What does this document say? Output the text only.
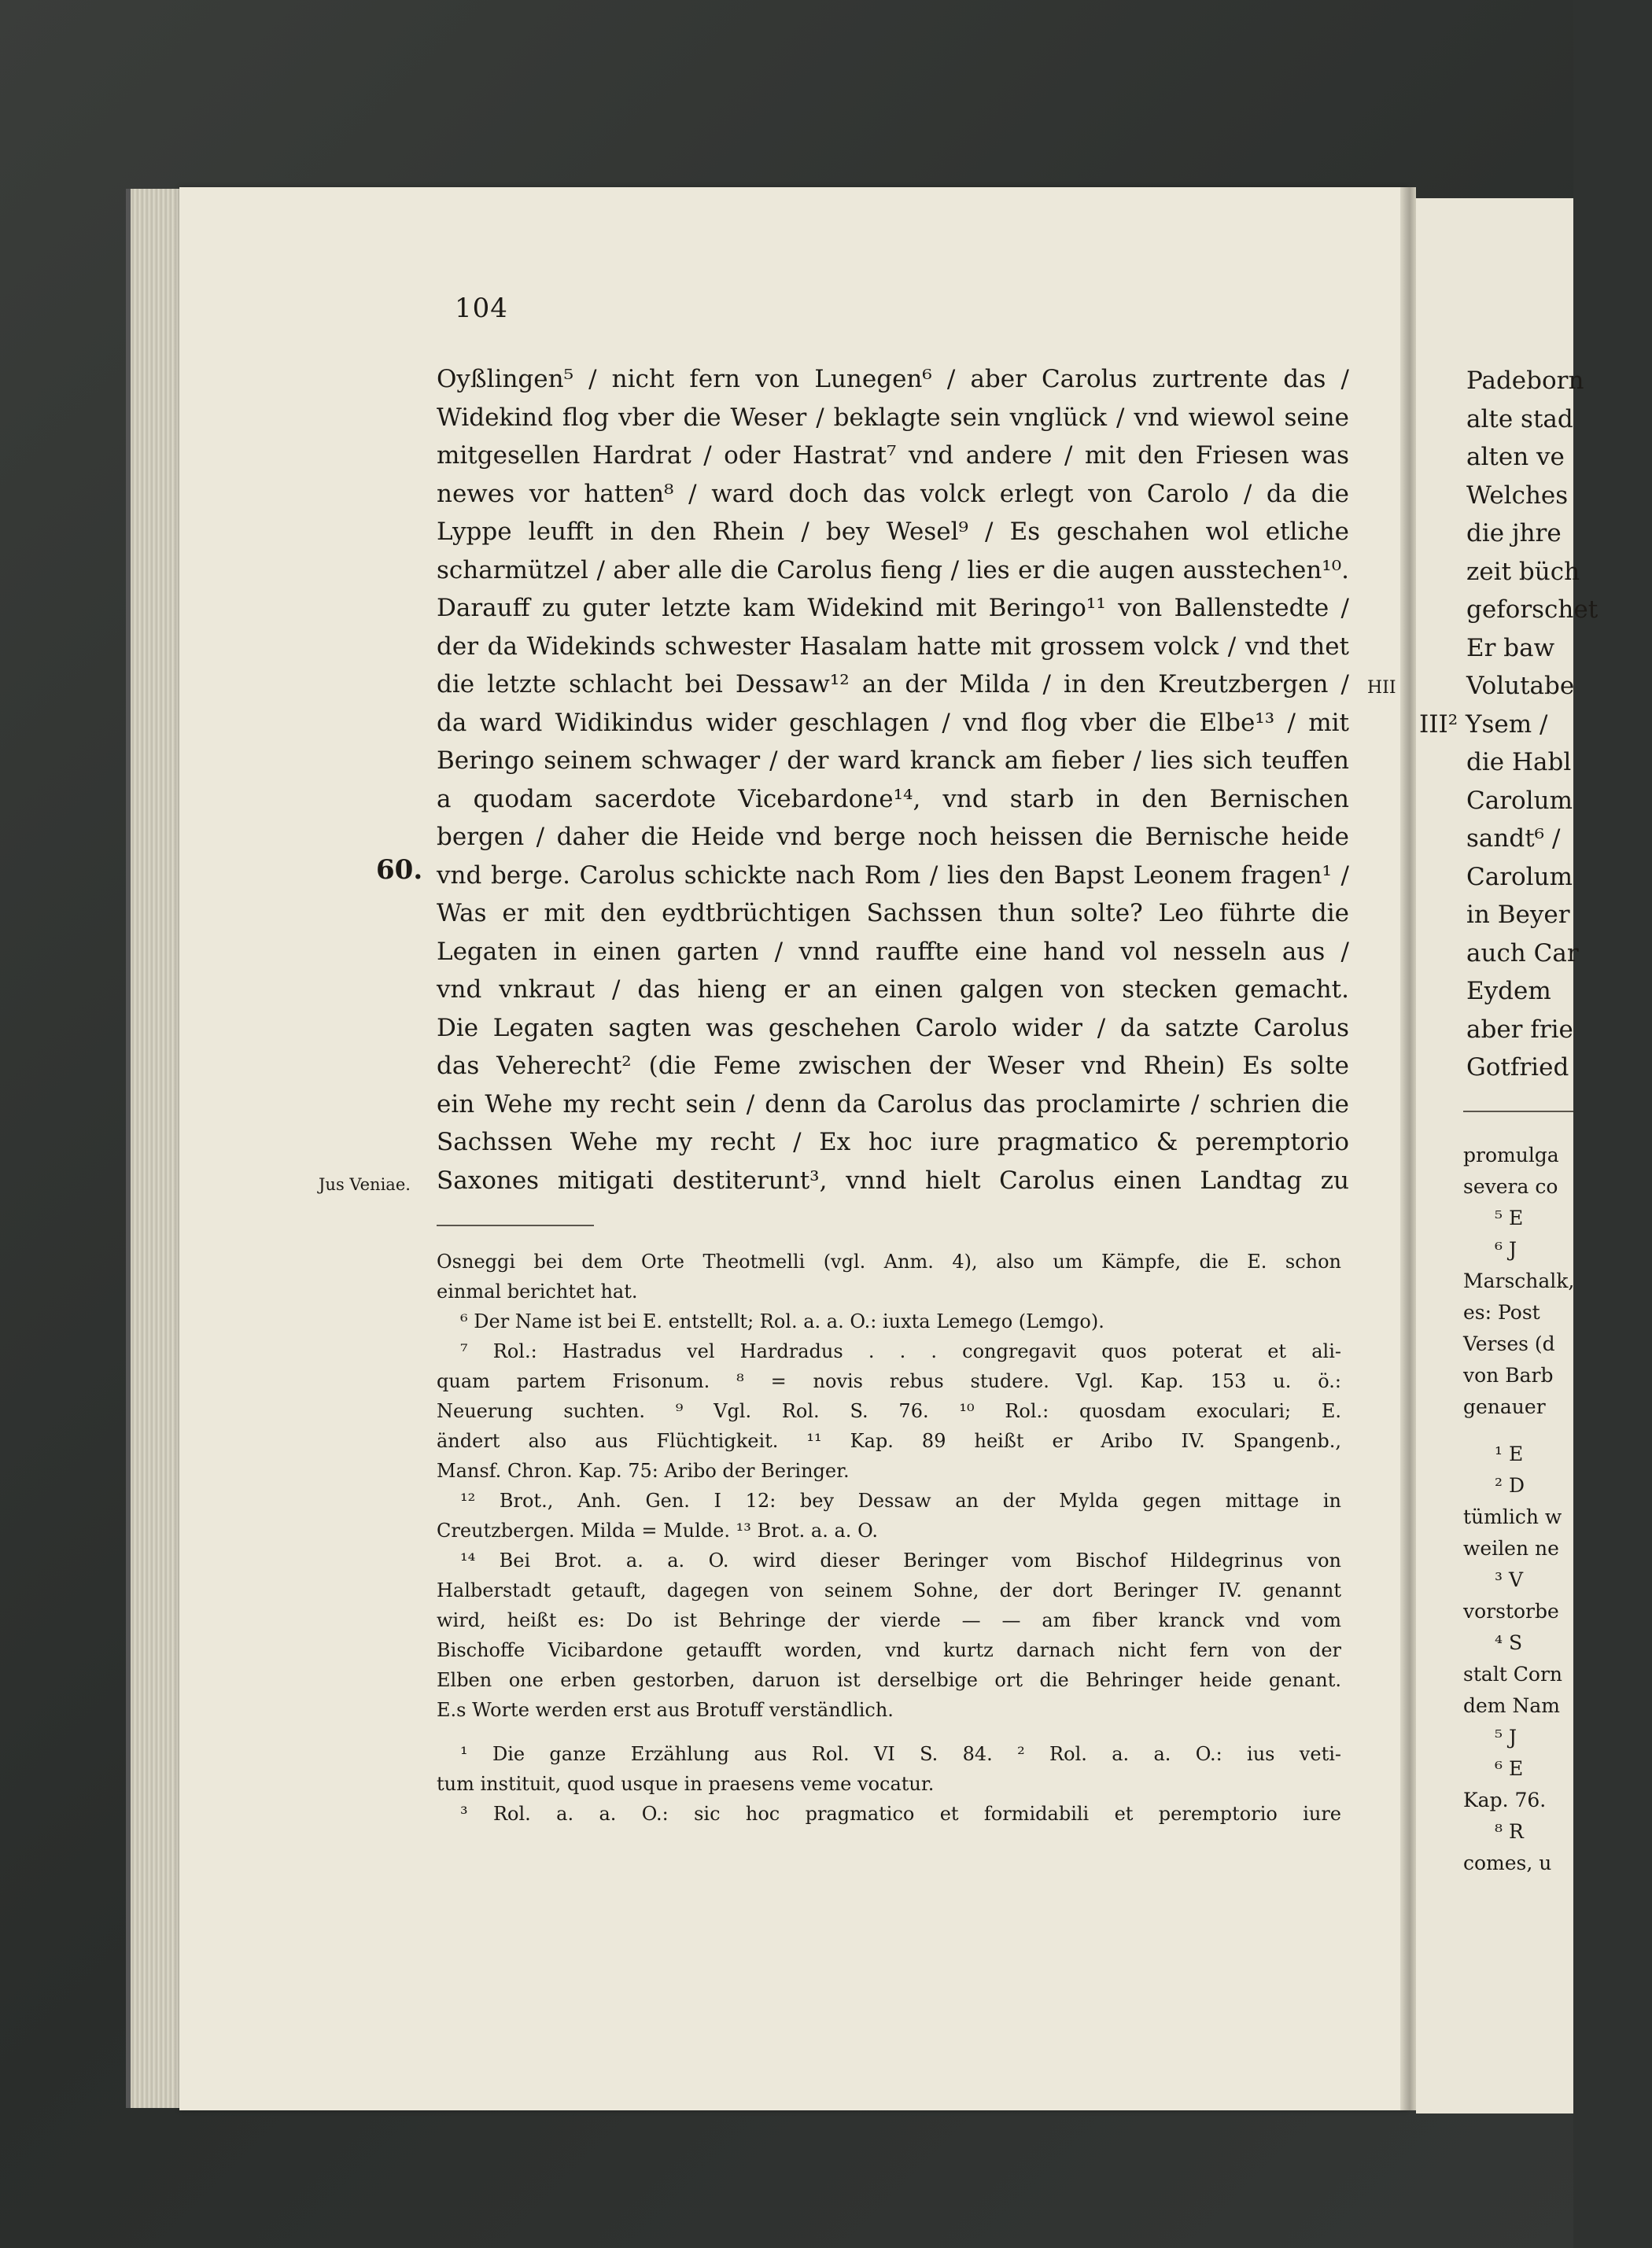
104
60.
Jus Veniae.
HII
Oyßlingen⁵ / nicht fern von Lunegen⁶ / aber Carolus zurtrente das /
Widekind flog vber die Weser / beklagte sein vnglück / vnd wiewol seine
mitgesellen Hardrat / oder Hastrat⁷ vnd andere / mit den Friesen was
newes vor hatten⁸ / ward doch das volck erlegt von Carolo / da die
Lyppe leufft in den Rhein / bey Wesel⁹ / Es geschahen wol etliche
scharmützel / aber alle die Carolus fieng / lies er die augen ausstechen¹⁰.
Darauff zu guter letzte kam Widekind mit Beringo¹¹ von Ballenstedte /
der da Widekinds schwester Hasalam hatte mit grossem volck / vnd thet
die letzte schlacht bei Dessaw¹² an der Milda / in den Kreutzbergen /
da ward Widikindus wider geschlagen / vnd flog vber die Elbe¹³ / mit
Beringo seinem schwager / der ward kranck am fieber / lies sich teuffen
a quodam sacerdote Vicebardone¹⁴, vnd starb in den Bernischen
bergen / daher die Heide vnd berge noch heissen die Bernische heide
vnd berge. Carolus schickte nach Rom / lies den Bapst Leonem fragen¹ /
Was er mit den eydtbrüchtigen Sachssen thun solte? Leo führte die
Legaten in einen garten / vnnd rauffte eine hand vol nesseln aus /
vnd vnkraut / das hieng er an einen galgen von stecken gemacht.
Die Legaten sagten was geschehen Carolo wider / da satzte Carolus
das Veherecht² (die Feme zwischen der Weser vnd Rhein) Es solte
ein Wehe my recht sein / denn da Carolus das proclamirte / schrien die
Sachssen Wehe my recht / Ex hoc iure pragmatico & peremptorio
Saxones mitigati destiterunt³, vnnd hielt Carolus einen Landtag zu
Osneggi bei dem Orte Theotmelli (vgl. Anm. 4), also um Kämpfe, die E. schon
einmal berichtet hat.
⁶ Der Name ist bei E. entstellt; Rol. a. a. O.: iuxta Lemego (Lemgo).
⁷ Rol.: Hastradus vel Hardradus . . . congregavit quos poterat et ali-
quam partem Frisonum. ⁸ = novis rebus studere. Vgl. Kap. 153 u. ö.:
Neuerung suchten. ⁹ Vgl. Rol. S. 76. ¹⁰ Rol.: quosdam exoculari; E.
ändert also aus Flüchtigkeit. ¹¹ Kap. 89 heißt er Aribo IV. Spangenb.,
Mansf. Chron. Kap. 75: Aribo der Beringer.
¹² Brot., Anh. Gen. I 12: bey Dessaw an der Mylda gegen mittage in
Creutzbergen. Milda = Mulde. ¹³ Brot. a. a. O.
¹⁴ Bei Brot. a. a. O. wird dieser Beringer vom Bischof Hildegrinus von
Halberstadt getauft, dagegen von seinem Sohne, der dort Beringer IV. genannt
wird, heißt es: Do ist Behringe der vierde — — am fiber kranck vnd vom
Bischoffe Vicibardone getaufft worden, vnd kurtz darnach nicht fern von der
Elben one erben gestorben, daruon ist derselbige ort die Behringer heide genant.
E.s Worte werden erst aus Brotuff verständlich.
¹ Die ganze Erzählung aus Rol. VI S. 84. ² Rol. a. a. O.: ius veti-
tum instituit, quod usque in praesens veme vocatur.
³ Rol. a. a. O.: sic hoc pragmatico et formidabili et peremptorio iure
Padeborn
alte stad
alten ve
Welches
die jhre
zeit büch
geforschet
Er baw
Volutabe
III² Ysem /
die Habl
Carolum
sandt⁶ /
Carolum
in Beyer
auch Car
Eydem
aber frie
Gotfried
promulga
severa co
⁵ E
⁶ J
Marschalk,
es: Post
Verses (d
von Barb
genauer
¹ E
² D
tümlich w
weilen ne
³ V
vorstorbe
⁴ S
stalt Corn
dem Nam
⁵ J
⁶ E
Kap. 76.
⁸ R
comes, u
